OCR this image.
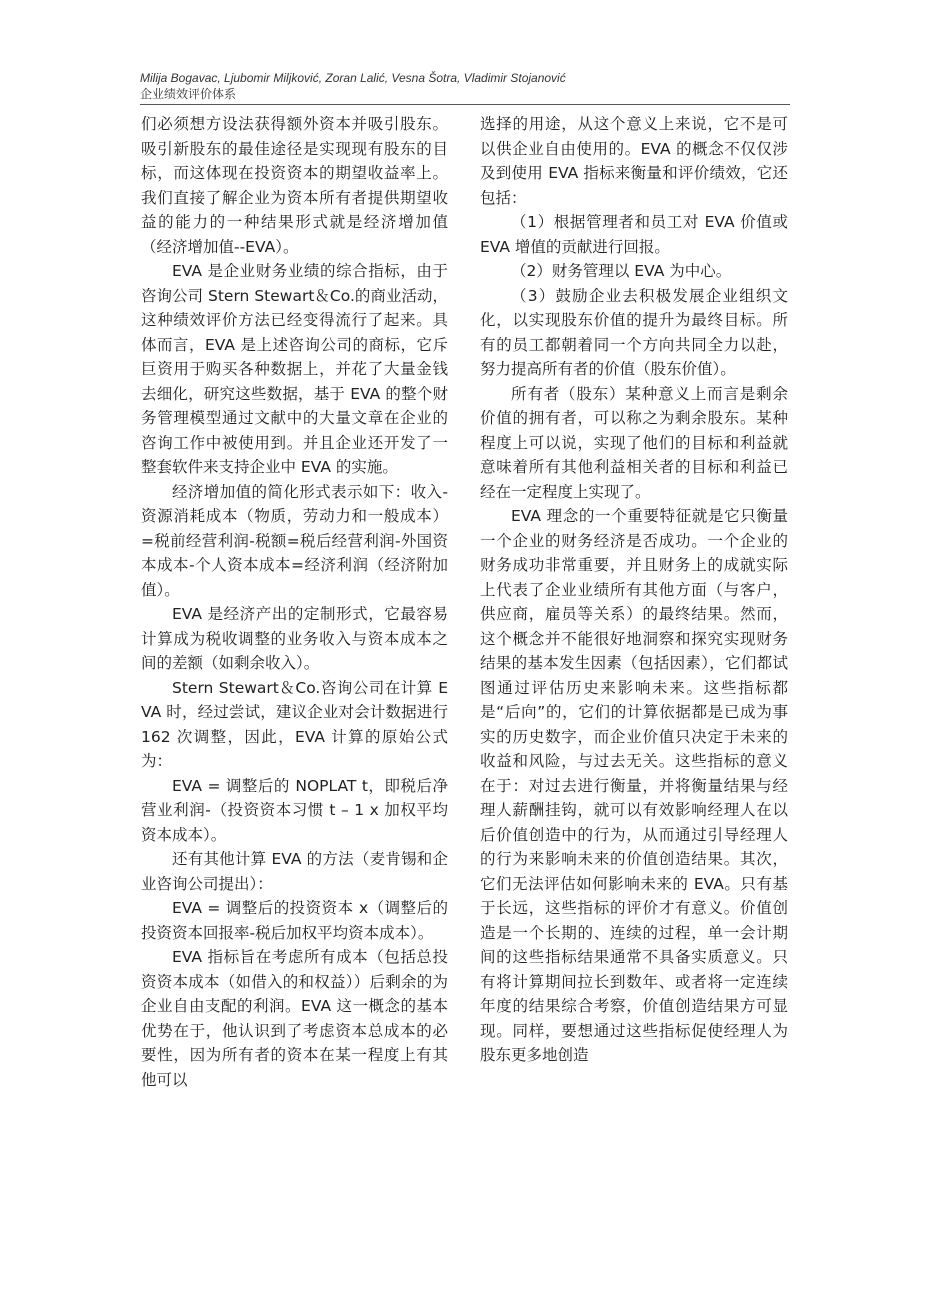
Milija Bogavac, Ljubomir Miljković, Zoran Lalić, Vesna Šotra, Vladimir Stojanović
企业绩效评价体系

们必须想方设法获得额外资本并吸引股东。吸引新股东的最佳途径是实现现有股东的目标，而这体现在投资资本的期望收益率上。我们直接了解企业为资本所有者提供期望收益的能力的一种结果形式就是经济增加值（经济增加值--EVA）。

EVA 是企业财务业绩的综合指标，由于咨询公司 Stern Stewart＆Co.的商业活动，这种绩效评价方法已经变得流行了起来。具体而言，EVA 是上述咨询公司的商标，它斥巨资用于购买各种数据上，并花了大量金钱去细化，研究这些数据，基于 EVA 的整个财务管理模型通过文献中的大量文章在企业的咨询工作中被使用到。并且企业还开发了一整套软件来支持企业中 EVA 的实施。

经济增加值的简化形式表示如下：收入-资源消耗成本（物质，劳动力和一般成本）=税前经营利润-税额=税后经营利润-外国资本成本-个人资本成本=经济利润（经济附加值）。

EVA 是经济产出的定制形式，它最容易计算成为税收调整的业务收入与资本成本之间的差额（如剩余收入）。

Stern Stewart＆Co.咨询公司在计算 EVA 时，经过尝试，建议企业对会计数据进行 162 次调整，因此，EVA 计算的原始公式为：

EVA = 调整后的 NOPLAT t，即税后净营业利润-（投资资本习惯 t – 1 x 加权平均资本成本）。

还有其他计算 EVA 的方法（麦肯锡和企业咨询公司提出）：

EVA = 调整后的投资资本 x（调整后的投资资本回报率-税后加权平均资本成本）。

EVA 指标旨在考虑所有成本（包括总投资资本成本（如借入的和权益））后剩余的为企业自由支配的利润。EVA 这一概念的基本优势在于，他认识到了考虑资本总成本的必要性，因为所有者的资本在某一程度上有其他可以

选择的用途，从这个意义上来说，它不是可以供企业自由使用的。EVA 的概念不仅仅涉及到使用 EVA 指标来衡量和评价绩效，它还包括：

（1）根据管理者和员工对 EVA 价值或 EVA 增值的贡献进行回报。

（2）财务管理以 EVA 为中心。

（3）鼓励企业去积极发展企业组织文化，以实现股东价值的提升为最终目标。所有的员工都朝着同一个方向共同全力以赴，努力提高所有者的价值（股东价值）。

所有者（股东）某种意义上而言是剩余价值的拥有者，可以称之为剩余股东。某种程度上可以说，实现了他们的目标和利益就意味着所有其他利益相关者的目标和利益已经在一定程度上实现了。

EVA 理念的一个重要特征就是它只衡量一个企业的财务经济是否成功。一个企业的财务成功非常重要，并且财务上的成就实际上代表了企业业绩所有其他方面（与客户，供应商，雇员等关系）的最终结果。然而，这个概念并不能很好地洞察和探究实现财务结果的基本发生因素（包括因素），它们都试图通过评估历史来影响未来。这些指标都是“后向”的，它们的计算依据都是已成为事实的历史数字，而企业价值只决定于未来的收益和风险，与过去无关。这些指标的意义在于：对过去进行衡量，并将衡量结果与经理人薪酬挂钩，就可以有效影响经理人在以后价值创造中的行为，从而通过引导经理人的行为来影响未来的价值创造结果。其次，它们无法评估如何影响未来的 EVA。只有基于长远，这些指标的评价才有意义。价值创造是一个长期的、连续的过程，单一会计期间的这些指标结果通常不具备实质意义。只有将计算期间拉长到数年、或者将一定连续年度的结果综合考察，价值创造结果方可显现。同样，要想通过这些指标促使经理人为股东更多地创造
